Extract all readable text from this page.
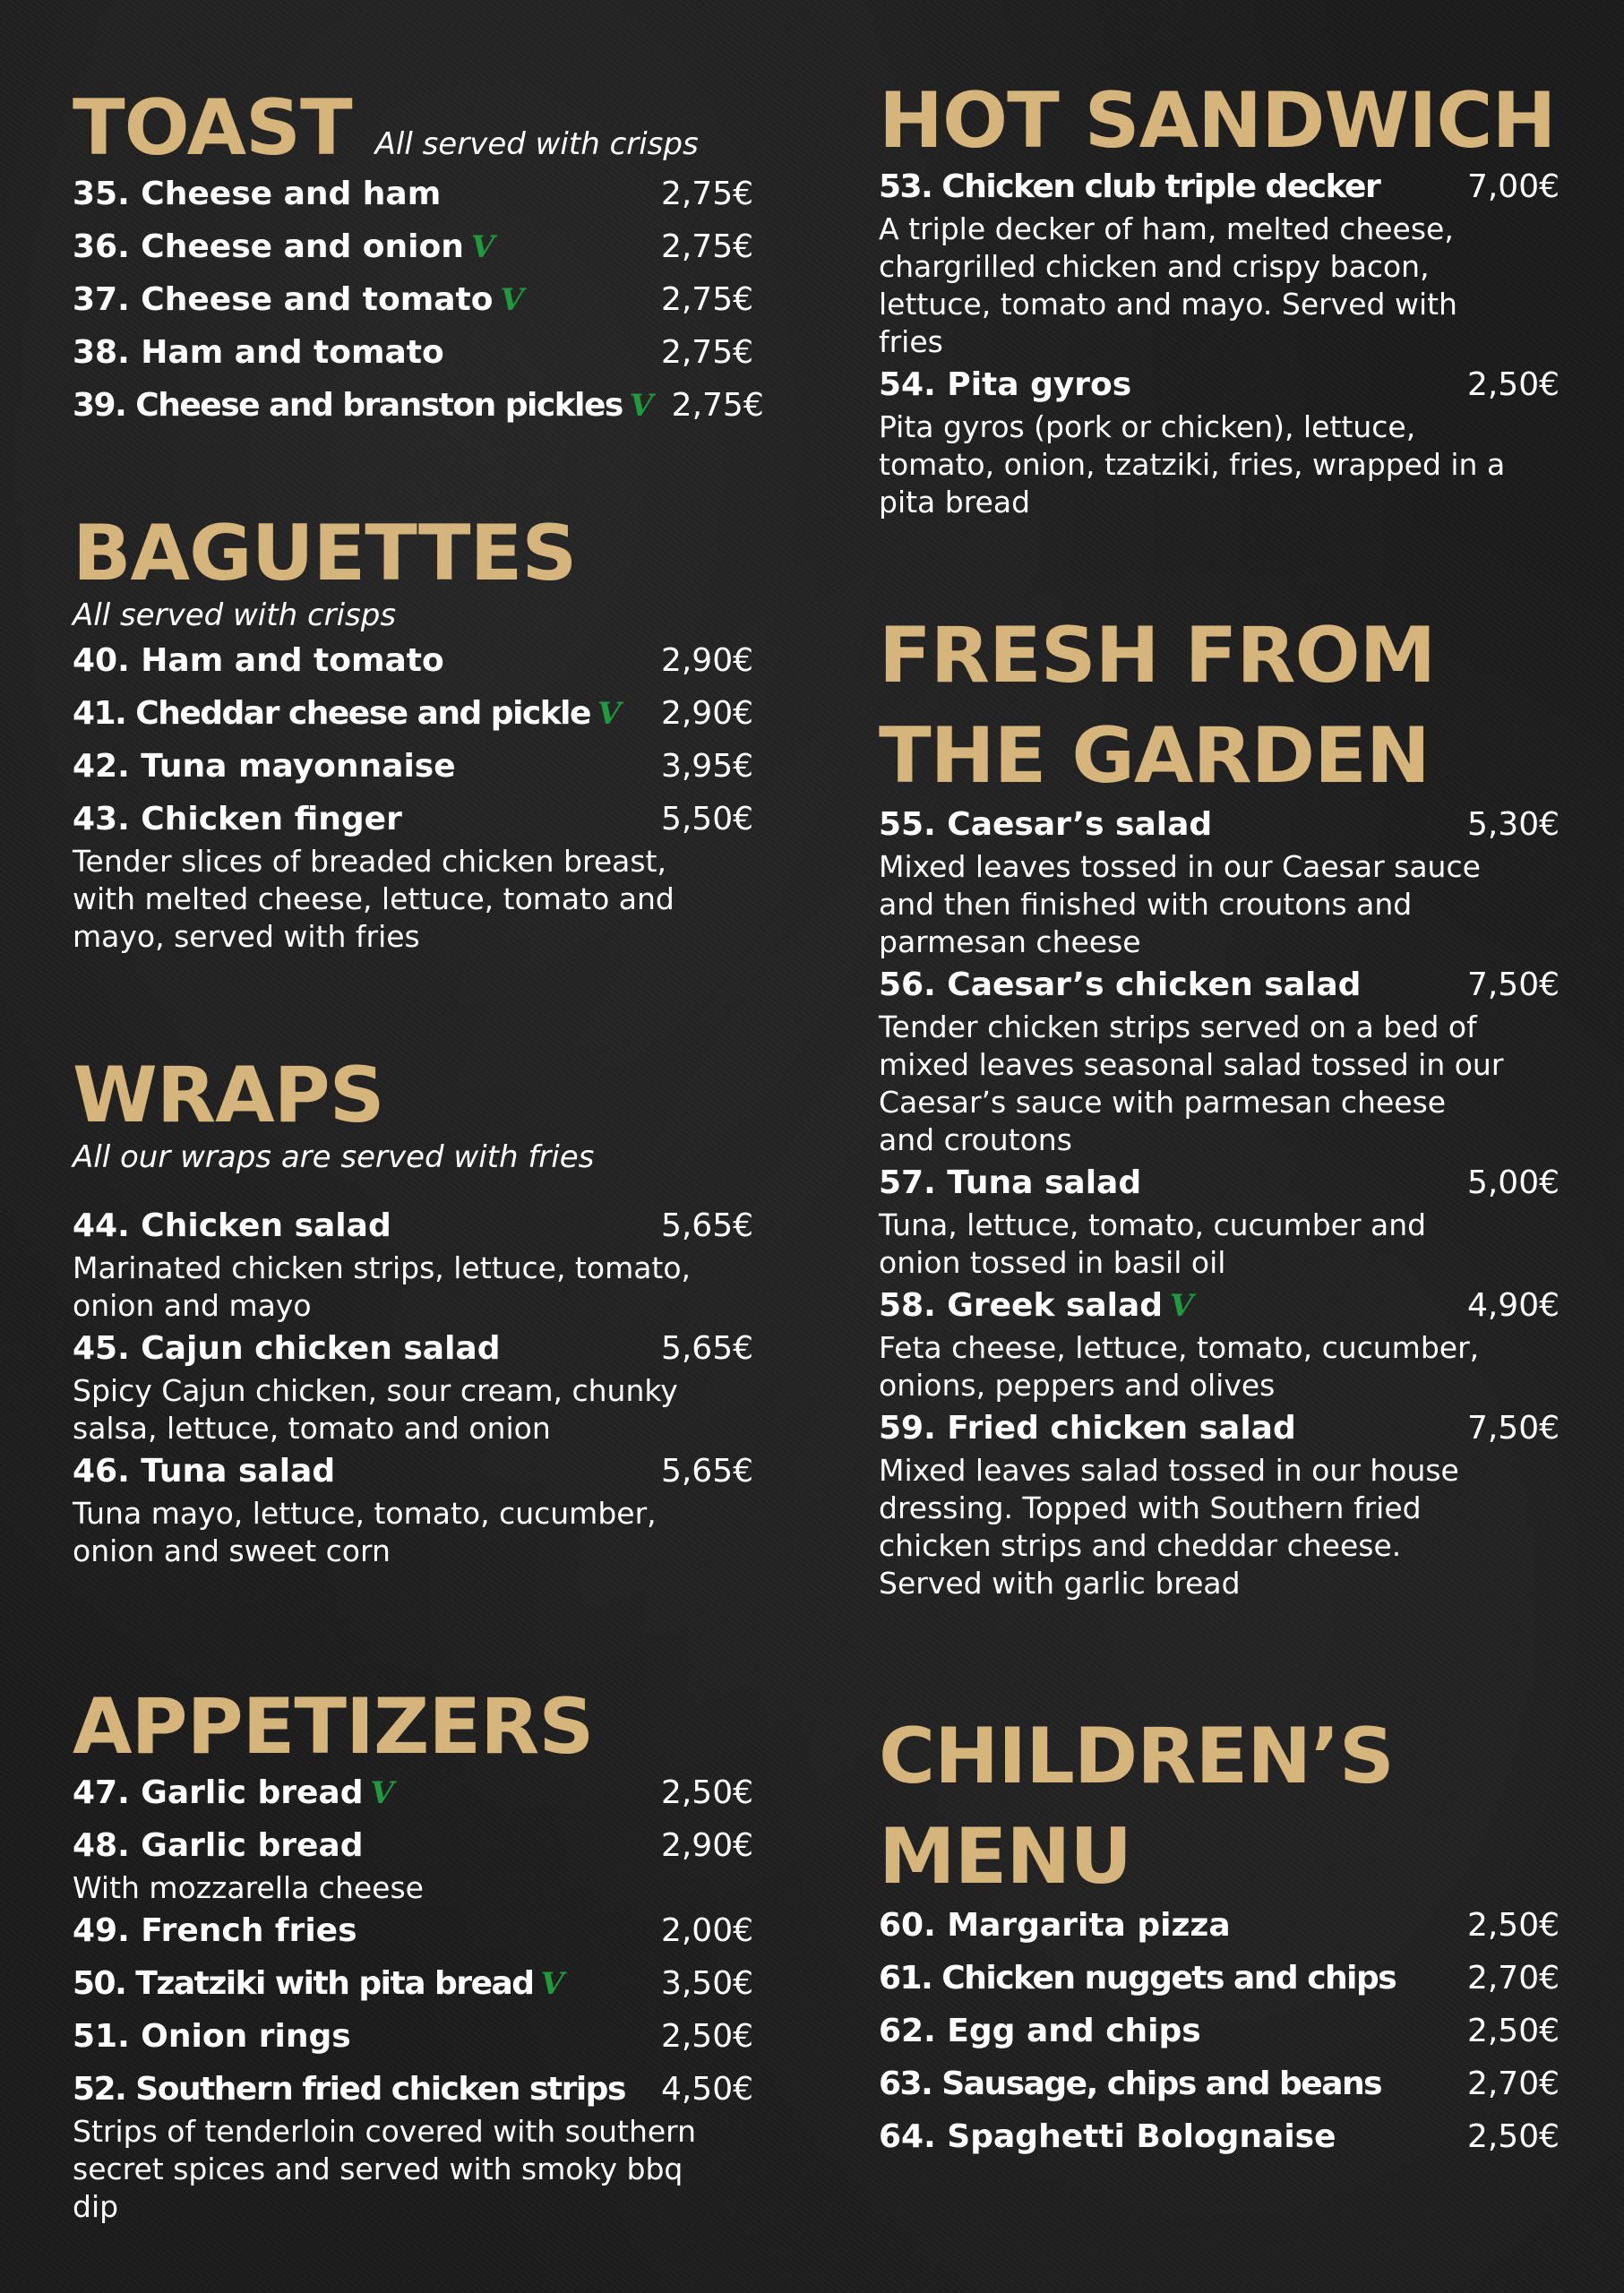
TOAST All served with crisps
35. Cheese and ham	2,75€
36. Cheese and onion V	2,75€
37. Cheese and tomato V	2,75€
38. Ham and tomato	2,75€
39. Cheese and branston pickles V 2,75€
BAGUETTES
All served with crisps
40. Ham and tomato	2,90€
41. Cheddar cheese and pickle V	2,90€
42. Tuna mayonnaise	3,95€
43. Chicken finger	5,50€
Tender slices of breaded chicken breast, with melted cheese, lettuce, tomato and mayo, served with fries
WRAPS
All our wraps are served with fries
44. Chicken salad	5,65€
Marinated chicken strips, lettuce, tomato, onion and mayo
45. Cajun chicken salad	5,65€
Spicy Cajun chicken, sour cream, chunky salsa, lettuce, tomato and onion
46. Tuna salad	5,65€
Tuna mayo, lettuce, tomato, cucumber, onion and sweet corn
APPETIZERS
47. Garlic bread V	2,50€
48. Garlic bread	2,90€
With mozzarella cheese
49. French fries	2,00€
50. Tzatziki with pita bread V	3,50€
51. Onion rings	2,50€
52. Southern fried chicken strips	4,50€
Strips of tenderloin covered with southern secret spices and served with smoky bbq dip
HOT SANDWICH
53. Chicken club triple decker	7,00€
A triple decker of ham, melted cheese, chargrilled chicken and crispy bacon, lettuce, tomato and mayo. Served with fries
54. Pita gyros	2,50€
Pita gyros (pork or chicken), lettuce, tomato, onion, tzatziki, fries, wrapped in a pita bread
FRESH FROM
THE GARDEN
55. Caesar’s salad	5,30€
Mixed leaves tossed in our Caesar sauce and then finished with croutons and parmesan cheese
56. Caesar’s chicken salad	7,50€
Tender chicken strips served on a bed of mixed leaves seasonal salad tossed in our Caesar’s sauce with parmesan cheese and croutons
57. Tuna salad	5,00€
Tuna, lettuce, tomato, cucumber and onion tossed in basil oil
58. Greek salad V	4,90€
Feta cheese, lettuce, tomato, cucumber, onions, peppers and olives
59. Fried chicken salad	7,50€
Mixed leaves salad tossed in our house dressing. Topped with Southern fried chicken strips and cheddar cheese. Served with garlic bread
CHILDREN’S
MENU
60. Margarita pizza	2,50€
61. Chicken nuggets and chips	2,70€
62. Egg and chips	2,50€
63. Sausage, chips and beans	2,70€
64. Spaghetti Bolognaise	2,50€
